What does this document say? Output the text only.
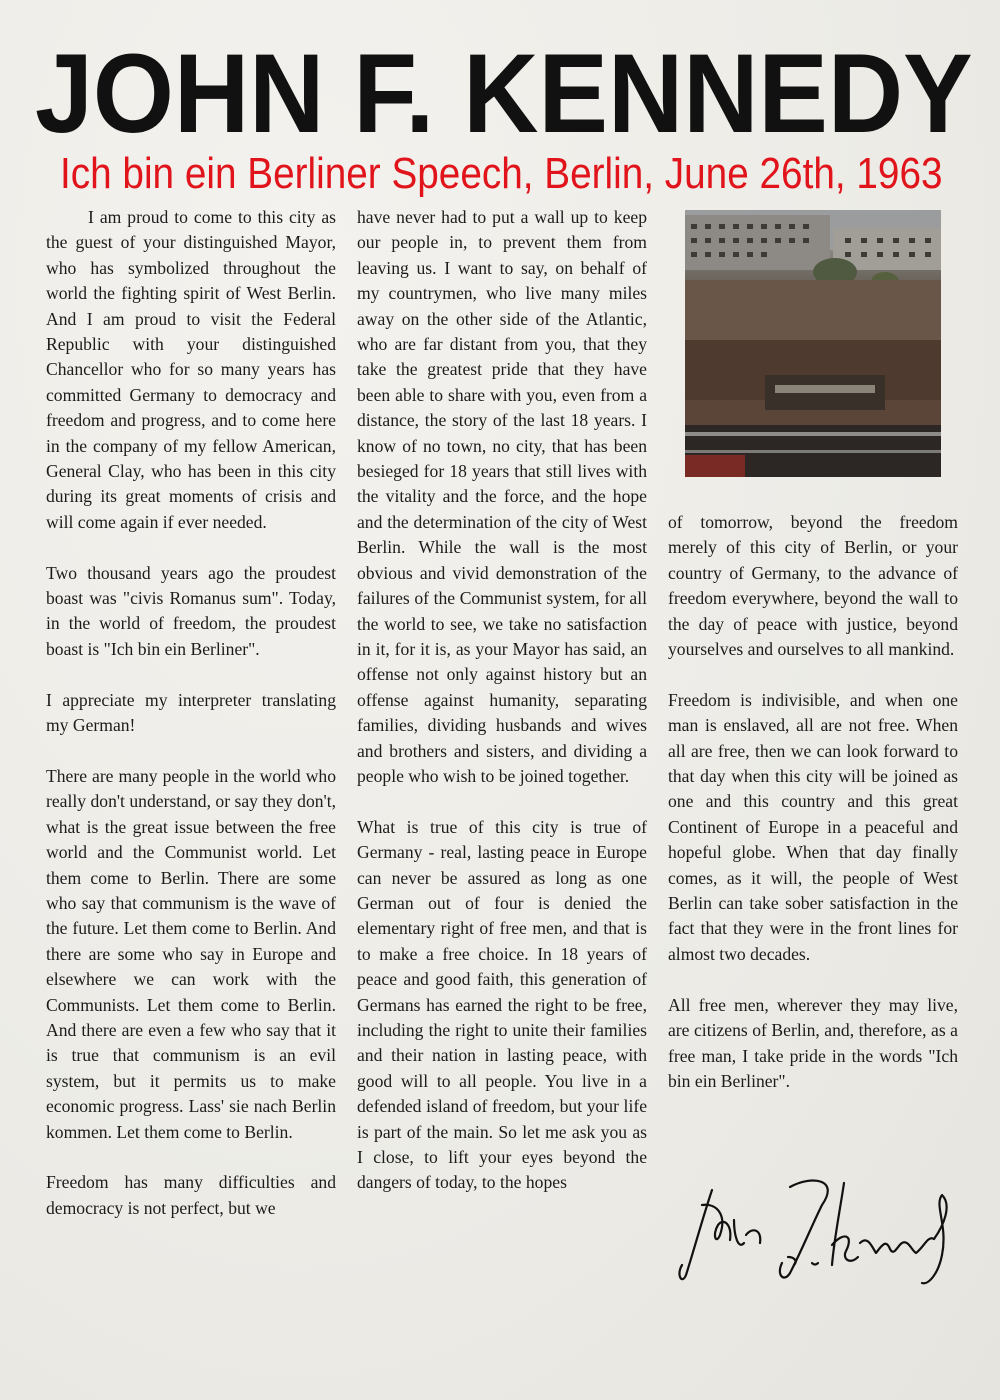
JOHN F. KENNEDY
Ich bin ein Berliner Speech, Berlin, June 26th, 1963

I am proud to come to this city as the guest of your distinguished Mayor, who has symbolized throughout the world the fighting spirit of West Berlin. And I am proud to visit the Federal Republic with your distinguished Chancellor who for so many years has committed Germany to democracy and freedom and progress, and to come here in the company of my fellow American, General Clay, who has been in this city during its great moments of crisis and will come again if ever needed.

Two thousand years ago the proudest boast was "civis Romanus sum". Today, in the world of freedom, the proudest boast is "Ich bin ein Berliner".

I appreciate my interpreter translating my German!

There are many people in the world who really don't understand, or say they don't, what is the great issue between the free world and the Communist world. Let them come to Berlin. There are some who say that communism is the wave of the future. Let them come to Berlin. And there are some who say in Europe and elsewhere we can work with the Communists. Let them come to Berlin. And there are even a few who say that it is true that communism is an evil system, but it permits us to make economic progress. Lass' sie nach Berlin kommen. Let them come to Berlin.

Freedom has many difficulties and democracy is not perfect, but we

have never had to put a wall up to keep our people in, to prevent them from leaving us. I want to say, on behalf of my countrymen, who live many miles away on the other side of the Atlantic, who are far distant from you, that they take the greatest pride that they have been able to share with you, even from a distance, the story of the last 18 years. I know of no town, no city, that has been besieged for 18 years that still lives with the vitality and the force, and the hope and the determination of the city of West Berlin. While the wall is the most obvious and vivid demonstration of the failures of the Communist system, for all the world to see, we take no satisfaction in it, for it is, as your Mayor has said, an offense not only against history but an offense against humanity, separating families, dividing husbands and wives and brothers and sisters, and dividing a people who wish to be joined together.

What is true of this city is true of Germany - real, lasting peace in Europe can never be assured as long as one German out of four is denied the elementary right of free men, and that is to make a free choice. In 18 years of peace and good faith, this generation of Germans has earned the right to be free, including the right to unite their families and their nation in lasting peace, with good will to all people. You live in a defended island of freedom, but your life is part of the main. So let me ask you as I close, to lift your eyes beyond the dangers of today, to the hopes

of tomorrow, beyond the freedom merely of this city of Berlin, or your country of Germany, to the advance of freedom everywhere, beyond the wall to the day of peace with justice, beyond yourselves and ourselves to all mankind.

Freedom is indivisible, and when one man is enslaved, all are not free. When all are free, then we can look forward to that day when this city will be joined as one and this country and this great Continent of Europe in a peaceful and hopeful globe. When that day finally comes, as it will, the people of West Berlin can take sober satisfaction in the fact that they were in the front lines for almost two decades.

All free men, wherever they may live, are citizens of Berlin, and, therefore, as a free man, I take pride in the words "Ich bin ein Berliner".
